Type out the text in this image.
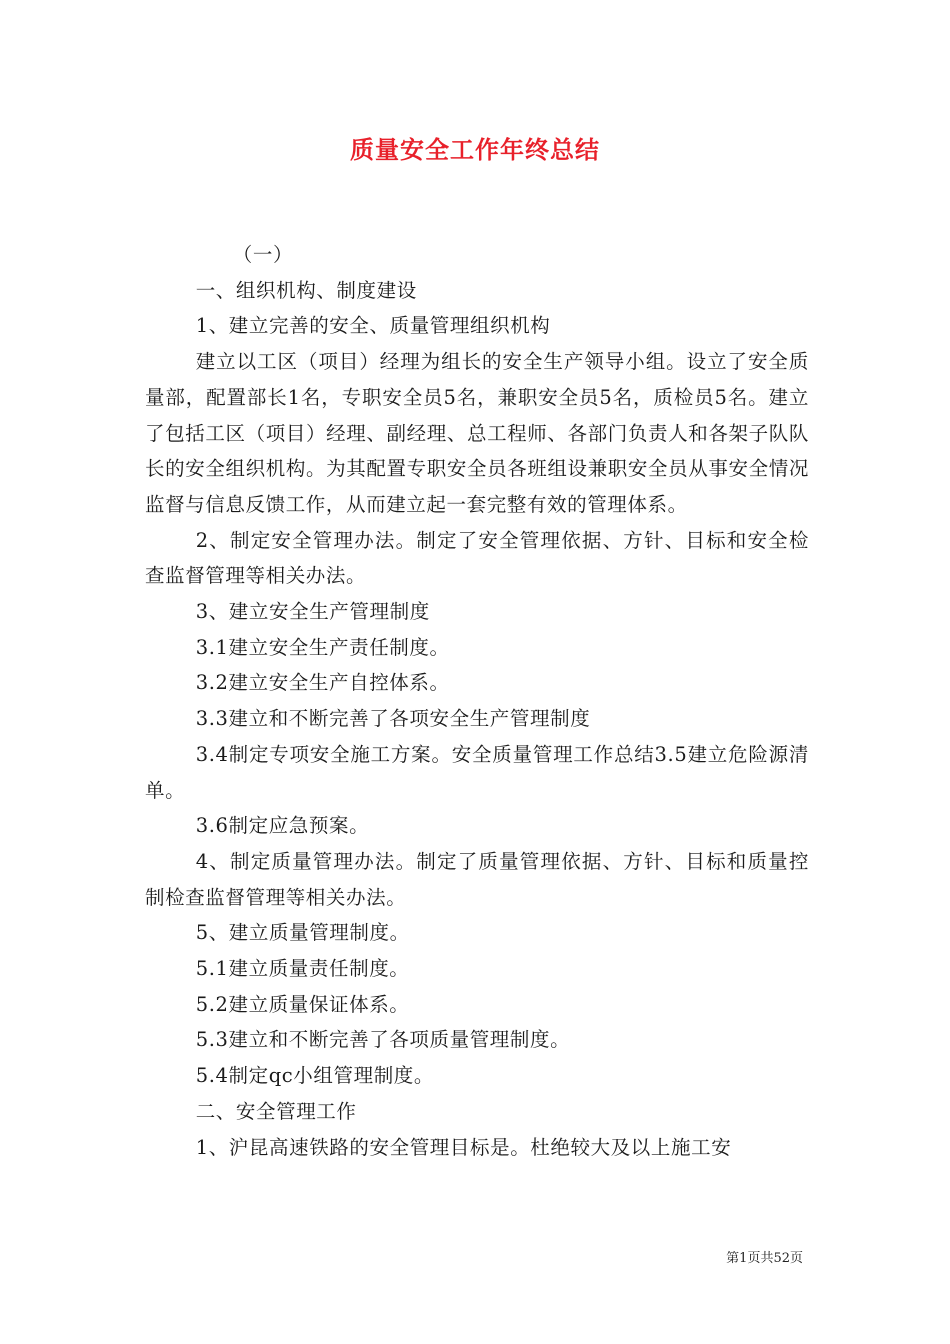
质量安全工作年终总结

（一）

一、组织机构、制度建设

1、建立完善的安全、质量管理组织机构

建立以工区（项目）经理为组长的安全生产领导小组。设立了安全质量部，配置部长1名，专职安全员5名，兼职安全员5名，质检员5名。建立了包括工区（项目）经理、副经理、总工程师、各部门负责人和各架子队队长的安全组织机构。为其配置专职安全员各班组设兼职安全员从事安全情况监督与信息反馈工作，从而建立起一套完整有效的管理体系。

2、制定安全管理办法。制定了安全管理依据、方针、目标和安全检查监督管理等相关办法。

3、建立安全生产管理制度

3.1建立安全生产责任制度。

3.2建立安全生产自控体系。

3.3建立和不断完善了各项安全生产管理制度

3.4制定专项安全施工方案。安全质量管理工作总结3.5建立危险源清单。

3.6制定应急预案。

4、制定质量管理办法。制定了质量管理依据、方针、目标和质量控制检查监督管理等相关办法。

5、建立质量管理制度。

5.1建立质量责任制度。

5.2建立质量保证体系。

5.3建立和不断完善了各项质量管理制度。

5.4制定qc小组管理制度。

二、安全管理工作

1、沪昆高速铁路的安全管理目标是。杜绝较大及以上施工安

第1页共52页
